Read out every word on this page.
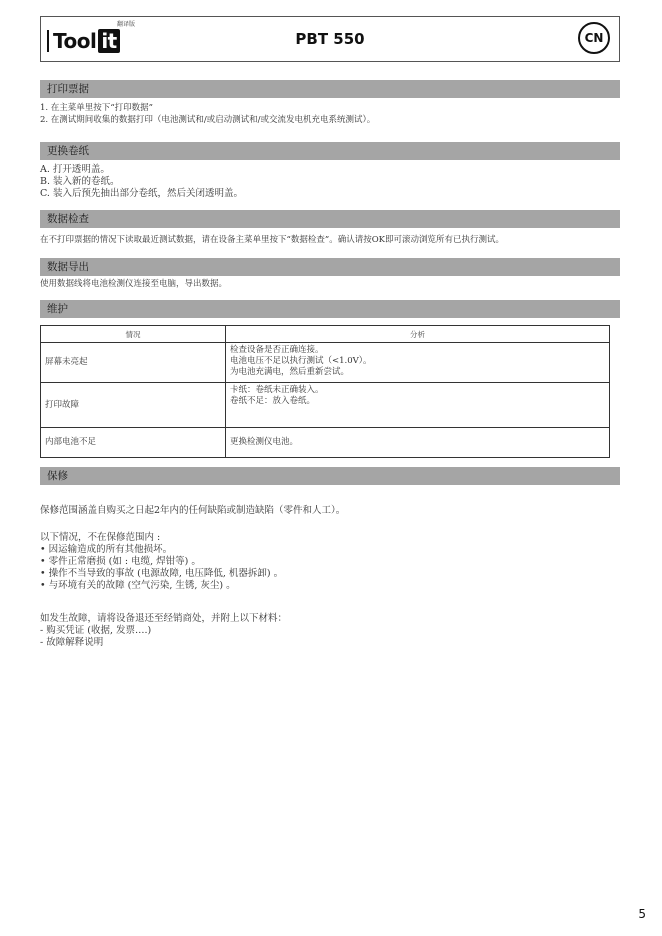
翻译版
Tool it	PBT 550	CN
打印票据
1. 在主菜单里按下“打印数据”
2. 在测试期间收集的数据打印（电池测试和/或启动测试和/或交流发电机充电系统测试）。
更换卷纸
A. 打开透明盖。
B. 装入新的卷纸。
C. 装入后预先抽出部分卷纸，然后关闭透明盖。
数据检查
在不打印票据的情况下读取最近测试数据，请在设备主菜单里按下“数据检查”。确认请按OK即可滚动浏览所有已执行测试。
数据导出
使用数据线将电池检测仪连接至电脑，导出数据。
维护
情况	分析
屏幕未亮起	检查设备是否正确连接。
电池电压不足以执行测试（<1.0V）。
为电池充满电，然后重新尝试。

打印故障	卡纸：卷纸未正确装入。
卷纸不足：放入卷纸。

内部电池不足	更换检测仪电池。
保修
保修范围涵盖自购买之日起2年内的任何缺陷或制造缺陷（零件和人工）。
以下情况，不在保修范围内 :
• 因运输造成的所有其他损坏。
• 零件正常磨损 (如 : 电缆, 焊钳等) 。
• 操作不当导致的事故 (电源故障, 电压降低, 机器拆卸) 。
• 与环境有关的故障 (空气污染, 生锈, 灰尘) 。
如发生故障，请将设备退还至经销商处，并附上以下材料：
- 购买凭证 (收据, 发票….)
- 故障解释说明
5
